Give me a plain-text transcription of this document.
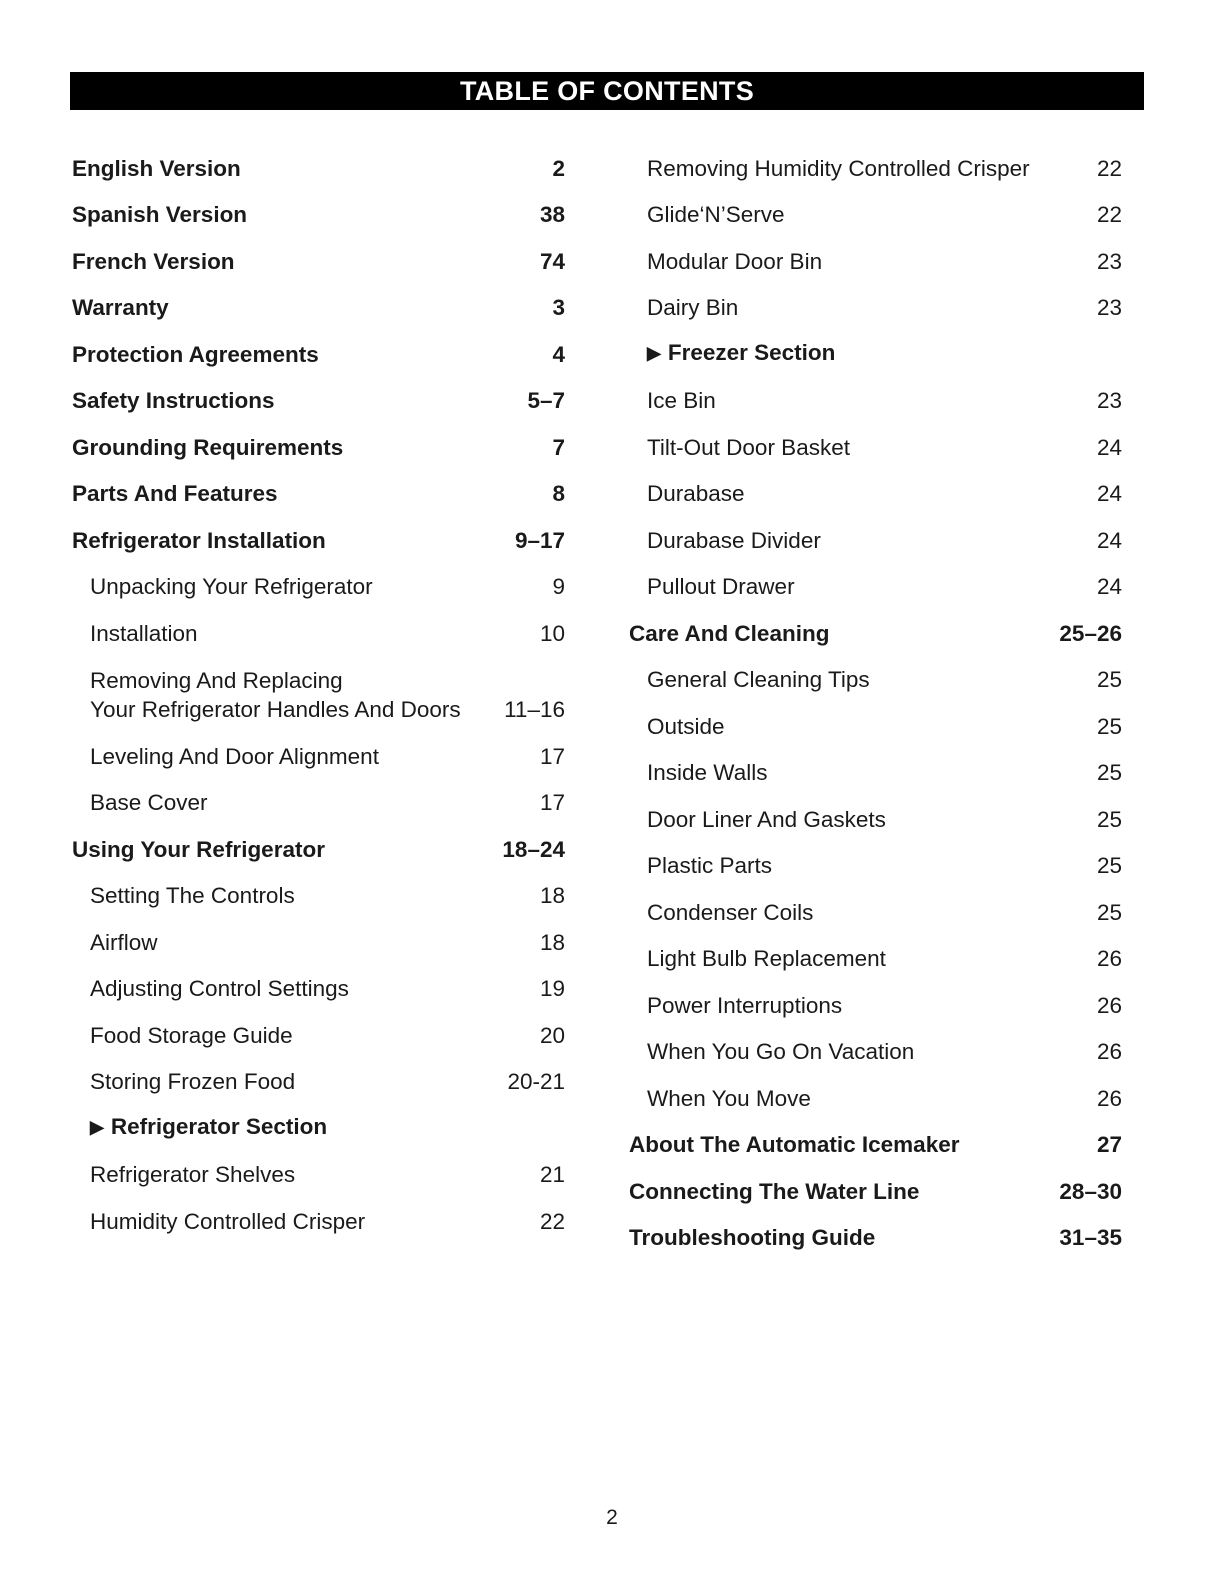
TABLE OF CONTENTS
English Version	2
Spanish Version	38
French Version	74
Warranty	3
Protection Agreements	4
Safety Instructions	5–7
Grounding Requirements	7
Parts And Features	8
Refrigerator Installation	9–17
Unpacking Your Refrigerator	9
Installation	10
Removing And Replacing
Your Refrigerator Handles And Doors	11–16
Leveling And Door Alignment	17
Base Cover	17
Using Your Refrigerator	18–24
Setting The Controls	18
Airflow	18
Adjusting Control Settings	19
Food Storage Guide	20
Storing Frozen Food	20-21
▶ Refrigerator Section
Refrigerator Shelves	21
Humidity Controlled Crisper	22
Removing Humidity Controlled Crisper	22
Glide‘N’Serve	22
Modular Door Bin	23
Dairy Bin	23
▶ Freezer Section
Ice Bin	23
Tilt-Out Door Basket	24
Durabase	24
Durabase Divider	24
Pullout Drawer	24
Care And Cleaning	25–26
General Cleaning Tips	25
Outside	25
Inside Walls	25
Door Liner And Gaskets	25
Plastic Parts	25
Condenser Coils	25
Light Bulb Replacement	26
Power Interruptions	26
When You Go On Vacation	26
When You Move	26
About The Automatic Icemaker	27
Connecting The Water Line	28–30
Troubleshooting Guide	31–35
2
